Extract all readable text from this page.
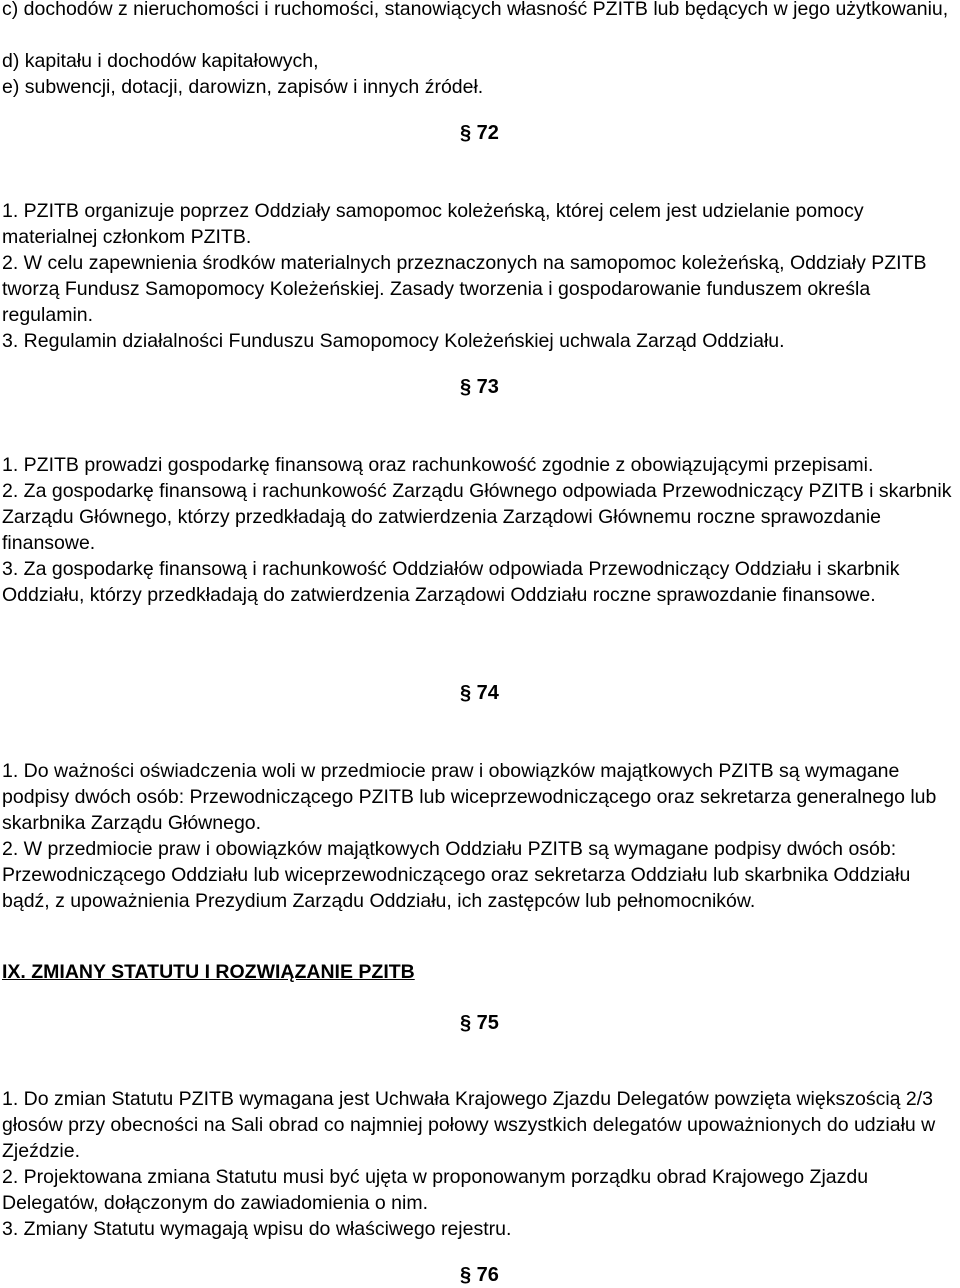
c) dochodów z nieruchomości i ruchomości, stanowiących własność PZITB lub będących w jego użytkowaniu,

d) kapitału i dochodów kapitałowych,
e) subwencji, dotacji, darowizn, zapisów i innych źródeł.
§ 72

1. PZITB organizuje poprzez Oddziały samopomoc koleżeńską, której celem jest udzielanie pomocy materialnej członkom PZITB.

2. W celu zapewnienia środków materialnych przeznaczonych na samopomoc koleżeńską, Oddziały PZITB tworzą Fundusz Samopomocy Koleżeńskiej. Zasady tworzenia i gospodarowanie funduszem określa regulamin.

3. Regulamin działalności Funduszu Samopomocy Koleżeńskiej uchwala Zarząd Oddziału.

§ 73

1. PZITB prowadzi gospodarkę finansową oraz rachunkowość zgodnie z obowiązującymi przepisami.

2. Za gospodarkę finansową i rachunkowość Zarządu Głównego odpowiada Przewodniczący PZITB i skarbnik Zarządu Głównego, którzy przedkładają do zatwierdzenia Zarządowi Głównemu roczne sprawozdanie finansowe.

3. Za gospodarkę finansową i rachunkowość Oddziałów odpowiada Przewodniczący Oddziału i skarbnik Oddziału, którzy przedkładają do zatwierdzenia Zarządowi Oddziału roczne sprawozdanie finansowe.

§ 74

1. Do ważności oświadczenia woli w przedmiocie praw i obowiązków majątkowych PZITB są wymagane podpisy dwóch osób: Przewodniczącego PZITB lub wiceprzewodniczącego oraz sekretarza generalnego lub skarbnika Zarządu Głównego.

2. W przedmiocie praw i obowiązków majątkowych Oddziału PZITB są wymagane podpisy dwóch osób: Przewodniczącego Oddziału lub wiceprzewodniczącego oraz sekretarza Oddziału lub skarbnika Oddziału bądź, z upoważnienia Prezydium Zarządu Oddziału, ich zastępców lub pełnomocników.

IX. ZMIANY STATUTU I ROZWIĄZANIE PZITB
§ 75

1. Do zmian Statutu PZITB wymagana jest Uchwała Krajowego Zjazdu Delegatów powzięta większością 2/3 głosów przy obecności na Sali obrad co najmniej połowy wszystkich delegatów upoważnionych do udziału w Zjeździe.

2. Projektowana zmiana Statutu musi być ujęta w proponowanym porządku obrad Krajowego Zjazdu Delegatów, dołączonym do zawiadomienia o nim.

3. Zmiany Statutu wymagają wpisu do właściwego rejestru.

§ 76
